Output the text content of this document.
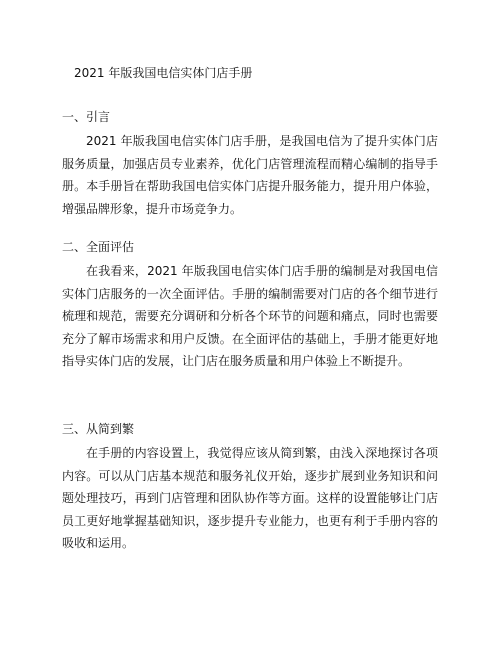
2021 年版我国电信实体门店手册
一、引言

2021 年版我国电信实体门店手册，是我国电信为了提升实体门店服务质量，加强店员专业素养，优化门店管理流程而精心编制的指导手册。本手册旨在帮助我国电信实体门店提升服务能力，提升用户体验，增强品牌形象，提升市场竞争力。

二、全面评估

在我看来，2021 年版我国电信实体门店手册的编制是对我国电信实体门店服务的一次全面评估。手册的编制需要对门店的各个细节进行梳理和规范，需要充分调研和分析各个环节的问题和痛点，同时也需要充分了解市场需求和用户反馈。在全面评估的基础上，手册才能更好地指导实体门店的发展，让门店在服务质量和用户体验上不断提升。

三、从简到繁

在手册的内容设置上，我觉得应该从简到繁，由浅入深地探讨各项内容。可以从门店基本规范和服务礼仪开始，逐步扩展到业务知识和问题处理技巧，再到门店管理和团队协作等方面。这样的设置能够让门店员工更好地掌握基础知识，逐步提升专业能力，也更有利于手册内容的吸收和运用。
